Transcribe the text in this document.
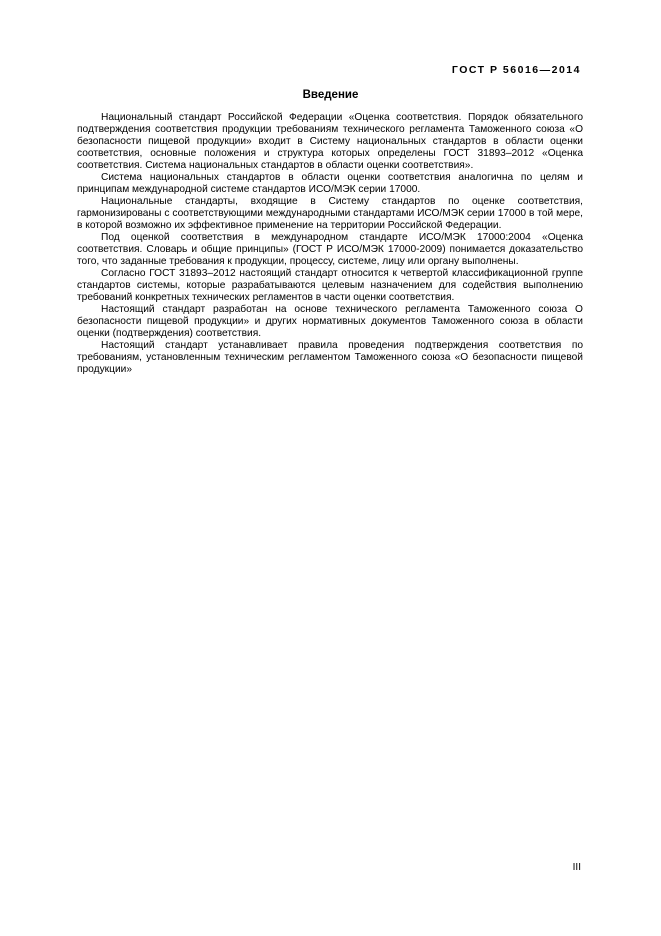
ГОСТ Р 56016—2014
Введение

Национальный стандарт Российской Федерации «Оценка соответствия. Порядок обязательного подтверждения соответствия продукции требованиям технического регламента Таможенного союза «О безопасности пищевой продукции» входит в Систему национальных стандартов в области оценки соответствия, основные положения и структура которых определены ГОСТ 31893–2012 «Оценка соответствия. Система национальных стандартов в области оценки соответствия».

Система национальных стандартов в области оценки соответствия аналогична по целям и принципам международной системе стандартов ИСО/МЭК серии 17000.

Национальные стандарты, входящие в Систему стандартов по оценке соответствия, гармонизированы с соответствующими международными стандартами ИСО/МЭК серии 17000 в той мере, в которой возможно их эффективное применение на территории Российской Федерации.

Под оценкой соответствия в международном стандарте ИСО/МЭК 17000:2004 «Оценка соответствия. Словарь и общие принципы» (ГОСТ Р ИСО/МЭК 17000-2009) понимается доказательство того, что заданные требования к продукции, процессу, системе, лицу или органу выполнены.

Согласно ГОСТ 31893–2012 настоящий стандарт относится к четвертой классификационной группе стандартов системы, которые разрабатываются целевым назначением для содействия выполнению требований конкретных технических регламентов в части оценки соответствия.

Настоящий стандарт разработан на основе технического регламента Таможенного союза О безопасности пищевой продукции» и других нормативных документов Таможенного союза в области оценки (подтверждения) соответствия.

Настоящий стандарт устанавливает правила проведения подтверждения соответствия по требованиям, установленным техническим регламентом Таможенного союза «О безопасности пищевой продукции»

III
